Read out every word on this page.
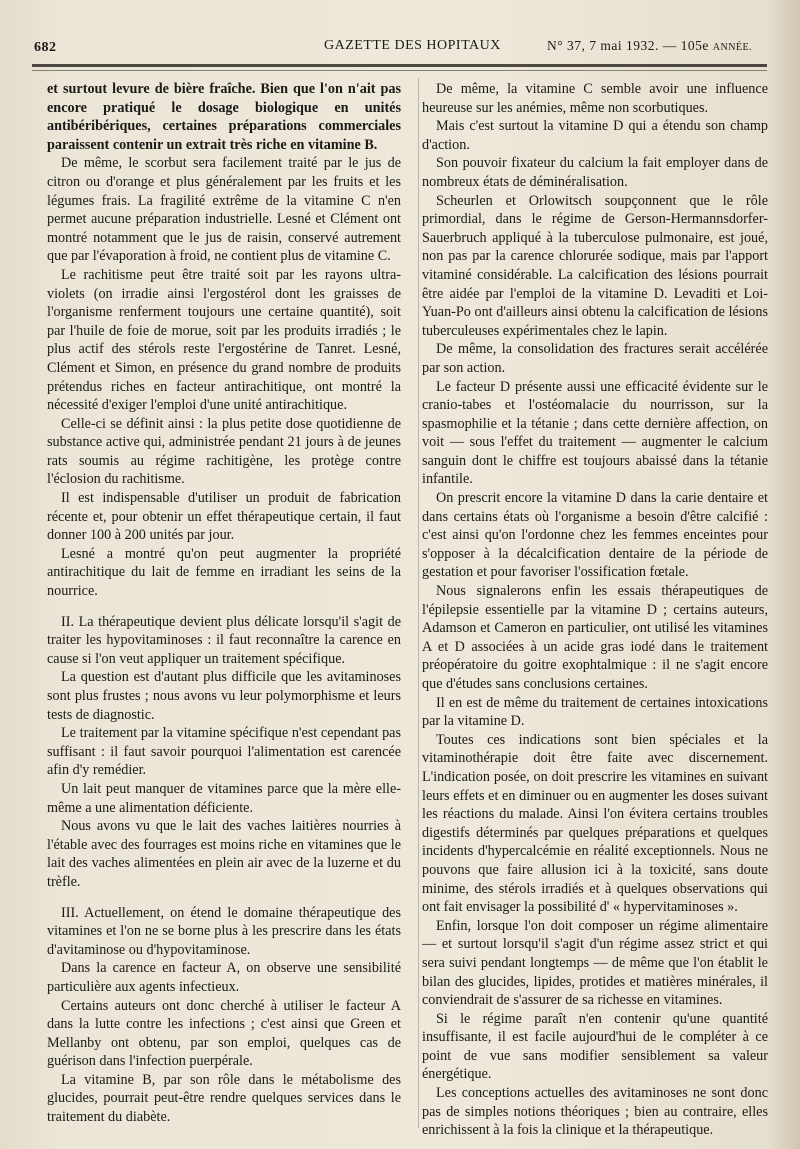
682	GAZETTE DES HOPITAUX	N° 37, 7 mai 1932. — 105e ANNÉE.

et surtout levure de bière fraîche. Bien que l'on n'ait pas encore pratiqué le dosage biologique en unités antibéribériques, certaines préparations commerciales paraissent contenir un extrait très riche en vitamine B.

De même, le scorbut sera facilement traité par le jus de citron ou d'orange et plus généralement par les fruits et les légumes frais. La fragilité extrême de la vitamine C n'en permet aucune préparation industrielle. Lesné et Clément ont montré notamment que le jus de raisin, conservé autrement que par l'évaporation à froid, ne contient plus de vitamine C.

Le rachitisme peut être traité soit par les rayons ultra-violets (on irradie ainsi l'ergostérol dont les graisses de l'organisme renferment toujours une certaine quantité), soit par l'huile de foie de morue, soit par les produits irradiés ; le plus actif des stérols reste l'ergostérine de Tanret. Lesné, Clément et Simon, en présence du grand nombre de produits prétendus riches en facteur antirachitique, ont montré la nécessité d'exiger l'emploi d'une unité antirachitique.

Celle-ci se définit ainsi : la plus petite dose quotidienne de substance active qui, administrée pendant 21 jours à de jeunes rats soumis au régime rachitigène, les protège contre l'éclosion du rachitisme.

Il est indispensable d'utiliser un produit de fabrication récente et, pour obtenir un effet thérapeutique certain, il faut donner 100 à 200 unités par jour.

Lesné a montré qu'on peut augmenter la propriété antirachitique du lait de femme en irradiant les seins de la nourrice.

II. La thérapeutique devient plus délicate lorsqu'il s'agit de traiter les hypovitaminoses : il faut reconnaître la carence en cause si l'on veut appliquer un traitement spécifique.

La question est d'autant plus difficile que les avitaminoses sont plus frustes ; nous avons vu leur polymorphisme et leurs tests de diagnostic.

Le traitement par la vitamine spécifique n'est cependant pas suffisant : il faut savoir pourquoi l'alimentation est carencée afin d'y remédier.

Un lait peut manquer de vitamines parce que la mère elle-même a une alimentation déficiente.

Nous avons vu que le lait des vaches laitières nourries à l'étable avec des fourrages est moins riche en vitamines que le lait des vaches alimentées en plein air avec de la luzerne et du trèfle.

III. Actuellement, on étend le domaine thérapeutique des vitamines et l'on ne se borne plus à les prescrire dans les états d'avitaminose ou d'hypovitaminose.

Dans la carence en facteur A, on observe une sensibilité particulière aux agents infectieux.

Certains auteurs ont donc cherché à utiliser le facteur A dans la lutte contre les infections ; c'est ainsi que Green et Mellanby ont obtenu, par son emploi, quelques cas de guérison dans l'infection puerpérale.

La vitamine B, par son rôle dans le métabolisme des glucides, pourrait peut-être rendre quelques services dans le traitement du diabète.

De même, la vitamine C semble avoir une influence heureuse sur les anémies, même non scorbutiques.

Mais c'est surtout la vitamine D qui a étendu son champ d'action.

Son pouvoir fixateur du calcium la fait employer dans de nombreux états de déminéralisation.

Scheurlen et Orlowitsch soupçonnent que le rôle primordial, dans le régime de Gerson-Hermannsdorfer-Sauerbruch appliqué à la tuberculose pulmonaire, est joué, non pas par la carence chlorurée sodique, mais par l'apport vitaminé considérable. La calcification des lésions pourrait être aidée par l'emploi de la vitamine D. Levaditi et Loi-Yuan-Po ont d'ailleurs ainsi obtenu la calcification de lésions tuberculeuses expérimentales chez le lapin.

De même, la consolidation des fractures serait accélérée par son action.

Le facteur D présente aussi une efficacité évidente sur le cranio-tabes et l'ostéomalacie du nourrisson, sur la spasmophilie et la tétanie ; dans cette dernière affection, on voit — sous l'effet du traitement — augmenter le calcium sanguin dont le chiffre est toujours abaissé dans la tétanie infantile.

On prescrit encore la vitamine D dans la carie dentaire et dans certains états où l'organisme a besoin d'être calcifié : c'est ainsi qu'on l'ordonne chez les femmes enceintes pour s'opposer à la décalcification dentaire de la période de gestation et pour favoriser l'ossification fœtale.

Nous signalerons enfin les essais thérapeutiques de l'épilepsie essentielle par la vitamine D ; certains auteurs, Adamson et Cameron en particulier, ont utilisé les vitamines A et D associées à un acide gras iodé dans le traitement préopératoire du goitre exophtalmique : il ne s'agit encore que d'études sans conclusions certaines.

Il en est de même du traitement de certaines intoxications par la vitamine D.

Toutes ces indications sont bien spéciales et la vitaminothérapie doit être faite avec discernement. L'indication posée, on doit prescrire les vitamines en suivant leurs effets et en diminuer ou en augmenter les doses suivant les réactions du malade. Ainsi l'on évitera certains troubles digestifs déterminés par quelques préparations et quelques incidents d'hypercalcémie en réalité exceptionnels. Nous ne pouvons que faire allusion ici à la toxicité, sans doute minime, des stérols irradiés et à quelques observations qui ont fait envisager la possibilité d' « hypervitaminoses ».

Enfin, lorsque l'on doit composer un régime alimentaire — et surtout lorsqu'il s'agit d'un régime assez strict et qui sera suivi pendant longtemps — de même que l'on établit le bilan des glucides, lipides, protides et matières minérales, il conviendrait de s'assurer de sa richesse en vitamines.

Si le régime paraît n'en contenir qu'une quantité insuffisante, il est facile aujourd'hui de le compléter à ce point de vue sans modifier sensiblement sa valeur énergétique.

Les conceptions actuelles des avitaminoses ne sont donc pas de simples notions théoriques ; bien au contraire, elles enrichissent à la fois la clinique et la thérapeutique.
